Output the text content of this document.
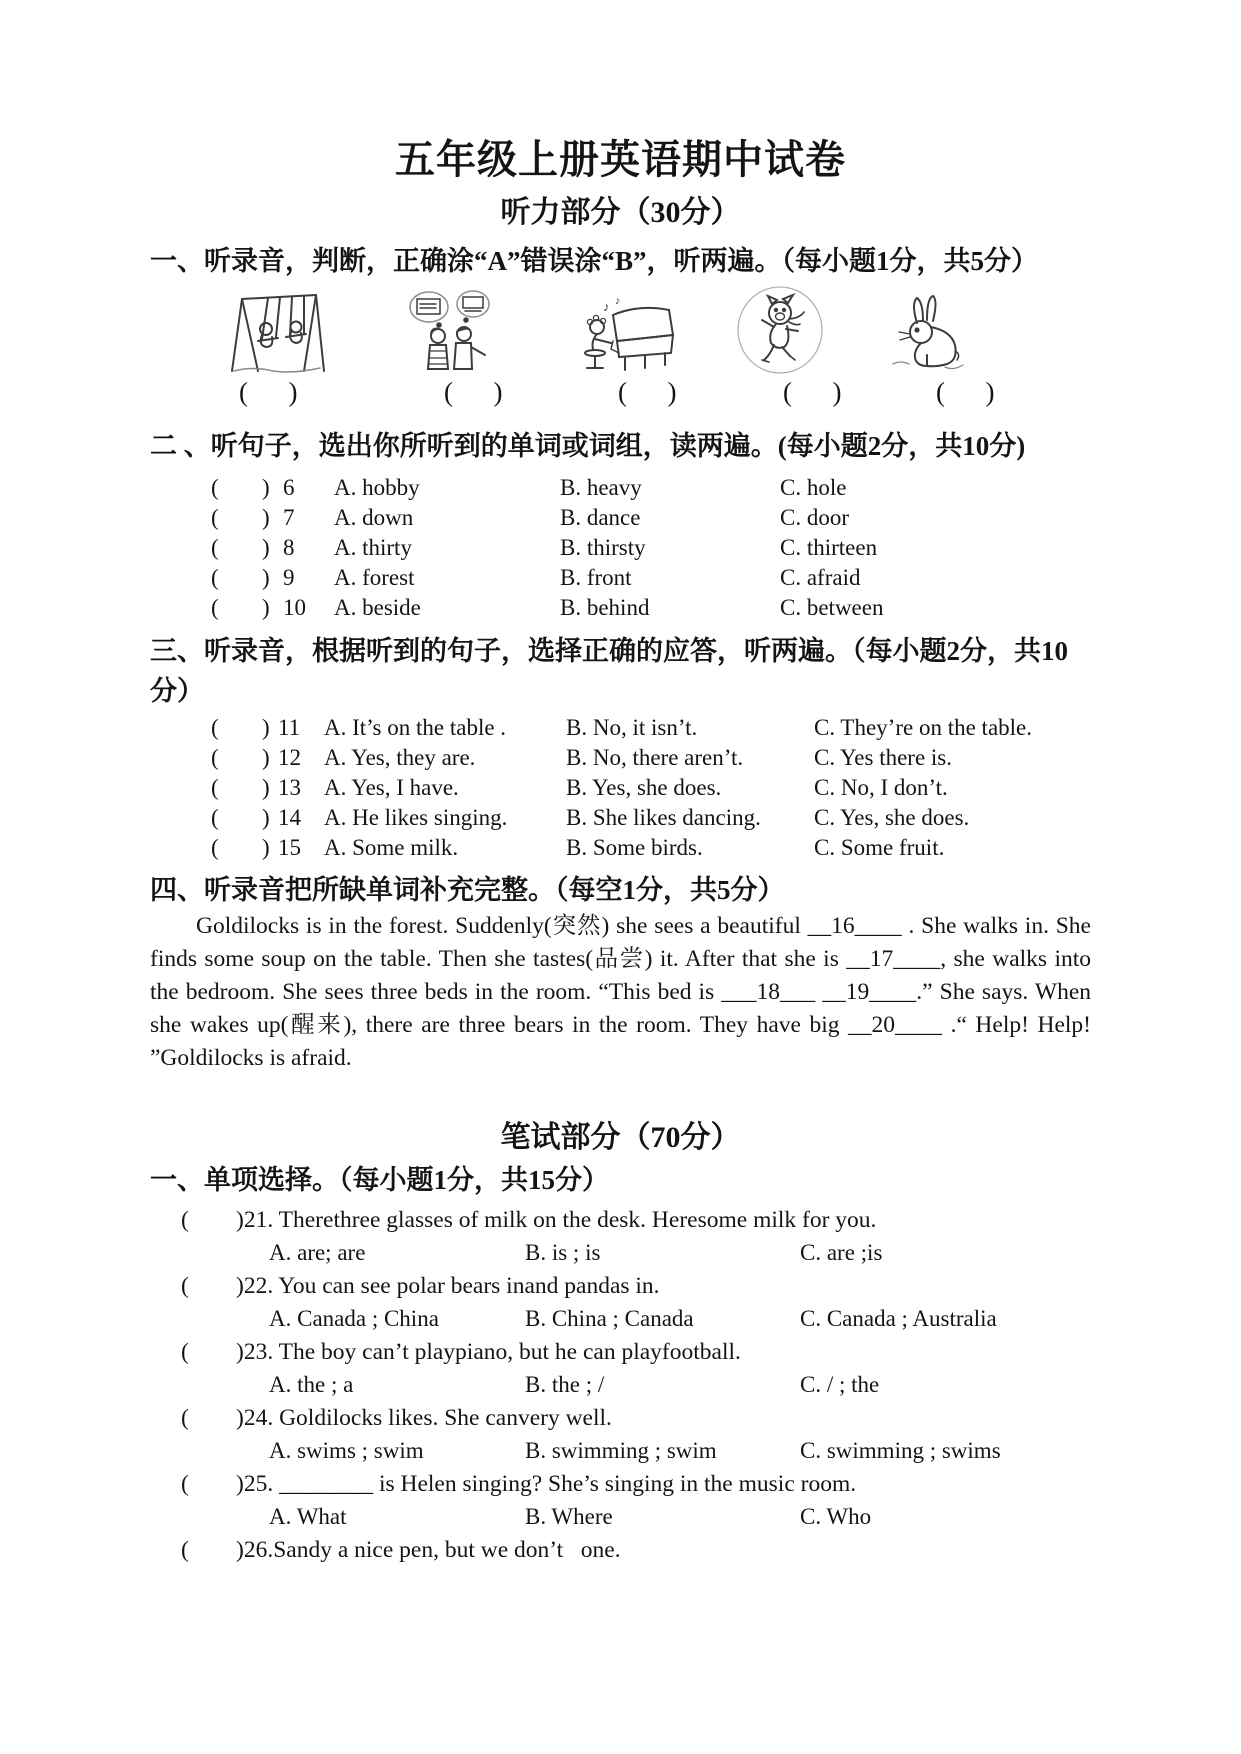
五年级上册英语期中试卷
听力部分（30分）
一、听录音，判断，正确涂“A”错误涂“B”，听两遍。（每小题1分，共5分）
♪ ♪
(      )	(      )	(      )	(      )	(      )
二 、听句子，选出你所听到的单词或词组，读两遍。(每小题2分，共10分)
( ) 6 A. hobby	B. heavy	C. hole
( ) 7 A. down	B. dance	C. door
( ) 8 A. thirty	B. thirsty	C. thirteen
( ) 9 A. forest	B. front	C. afraid
( ) 10 A. beside	B. behind	C. between
三、听录音，根据听到的句子，选择正确的应答，听两遍。（每小题2分，共10分）
( ) 11 A. It’s on the table .	B. No, it isn’t.	C. They’re on the table.
( ) 12 A. Yes, they are.	B. No, there aren’t.	C. Yes there is.
( ) 13 A. Yes, I have.	B. Yes, she does.	C. No, I don’t.
( ) 14 A. He likes singing.	B. She likes dancing. C. Yes, she does.
( ) 15 A. Some milk.	B. Some birds.	C. Some fruit.
四、听录音把所缺单词补充完整。（每空1分，共5分）

Goldilocks is in the forest. Suddenly(突然) she sees a beautiful __16____ . She walks in. She finds some soup on the table. Then she tastes(品尝) it. After that she is __17____, she walks into the bedroom. She sees three beds in the room. “This bed is ___18___ __19____.” She says. When she wakes up(醒来), there are three bears in the room. They have big __20____ .“ Help! Help! ”Goldilocks is afraid.

笔试部分（70分）
一、单项选择。（每小题1分，共15分）
( )21. Therethree glasses of milk on the desk. Heresome milk for you.
A. are; are	B. is ; is	C. are ;is
( )22. You can see polar bears inand pandas in.
A. Canada ; China	B. China ; Canada	C. Canada ; Australia
( )23. The boy can’t playpiano, but he can playfootball.
A. the ; a	B. the ; /	C. / ; the
( )24. Goldilocks likes. She canvery well.
A. swims ; swim	B. swimming ; swim	C. swimming ; swims
( )25. ________ is Helen singing? She’s singing in the music room.
A. What	B. Where	C. Who
( )26.Sandy a nice pen, but we don’t   one.
